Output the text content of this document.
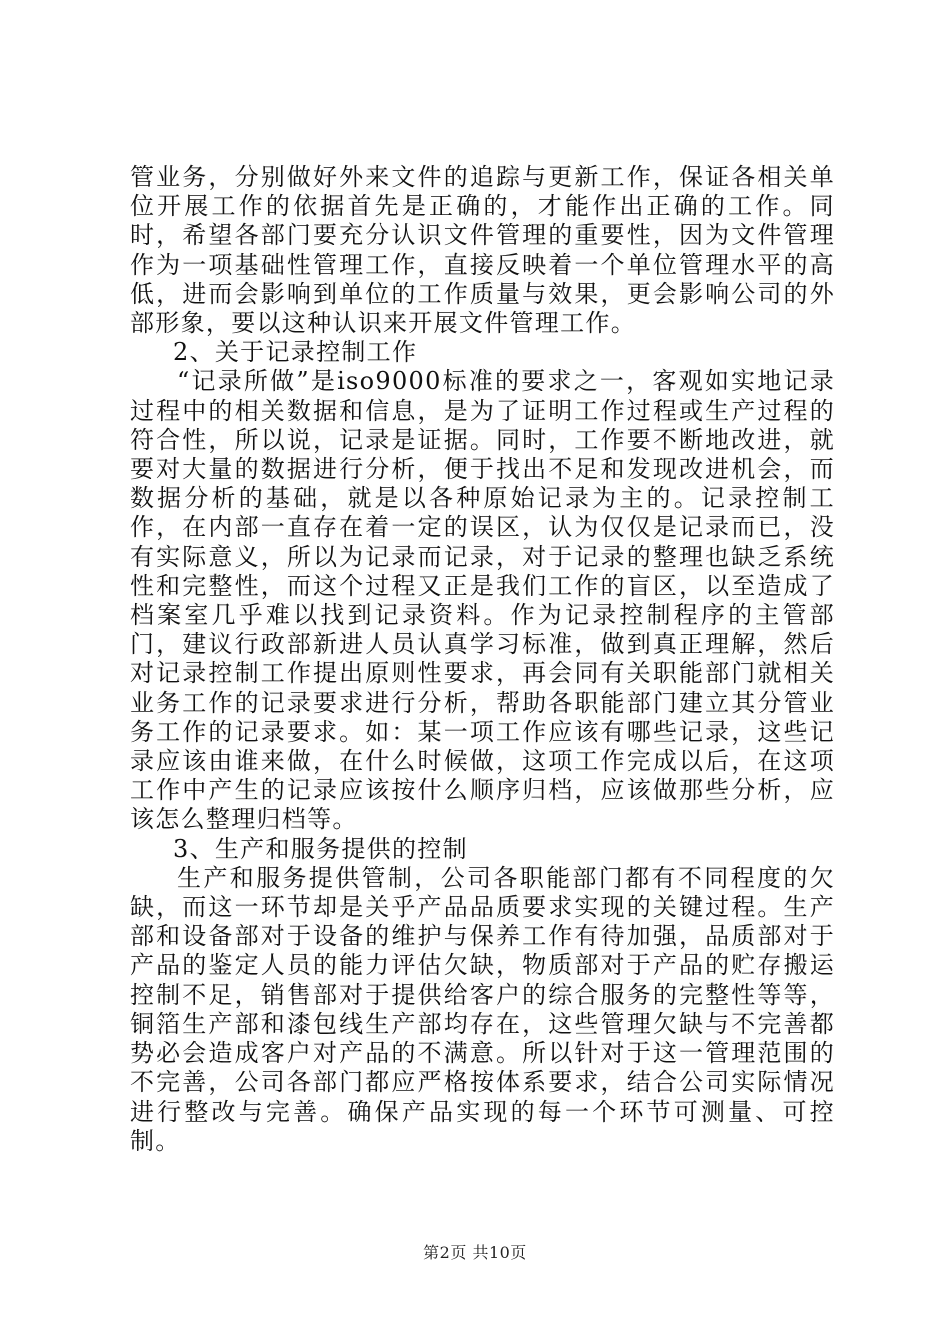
管业务，分别做好外来文件的追踪与更新工作，保证各相关单位开展工作的依据首先是正确的，才能作出正确的工作。同时，希望各部门要充分认识文件管理的重要性，因为文件管理作为一项基础性管理工作，直接反映着一个单位管理水平的高低，进而会影响到单位的工作质量与效果，更会影响公司的外部形象，要以这种认识来开展文件管理工作。

2、关于记录控制工作

“记录所做”是iso9000标准的要求之一，客观如实地记录过程中的相关数据和信息，是为了证明工作过程或生产过程的符合性，所以说，记录是证据。同时，工作要不断地改进，就要对大量的数据进行分析，便于找出不足和发现改进机会，而数据分析的基础，就是以各种原始记录为主的。记录控制工作，在内部一直存在着一定的误区，认为仅仅是记录而已，没有实际意义，所以为记录而记录，对于记录的整理也缺乏系统性和完整性，而这个过程又正是我们工作的盲区，以至造成了档案室几乎难以找到记录资料。作为记录控制程序的主管部门，建议行政部新进人员认真学习标准，做到真正理解，然后对记录控制工作提出原则性要求，再会同有关职能部门就相关业务工作的记录要求进行分析，帮助各职能部门建立其分管业务工作的记录要求。如：某一项工作应该有哪些记录，这些记录应该由谁来做，在什么时候做，这项工作完成以后，在这项工作中产生的记录应该按什么顺序归档，应该做那些分析，应该怎么整理归档等。

3、生产和服务提供的控制

生产和服务提供管制，公司各职能部门都有不同程度的欠缺，而这一环节却是关乎产品品质要求实现的关键过程。生产部和设备部对于设备的维护与保养工作有待加强，品质部对于产品的鉴定人员的能力评估欠缺，物质部对于产品的贮存搬运控制不足，销售部对于提供给客户的综合服务的完整性等等，铜箔生产部和漆包线生产部均存在，这些管理欠缺与不完善都势必会造成客户对产品的不满意。所以针对于这一管理范围的不完善，公司各部门都应严格按体系要求，结合公司实际情况进行整改与完善。确保产品实现的每一个环节可测量、可控制。

第2页 共10页
